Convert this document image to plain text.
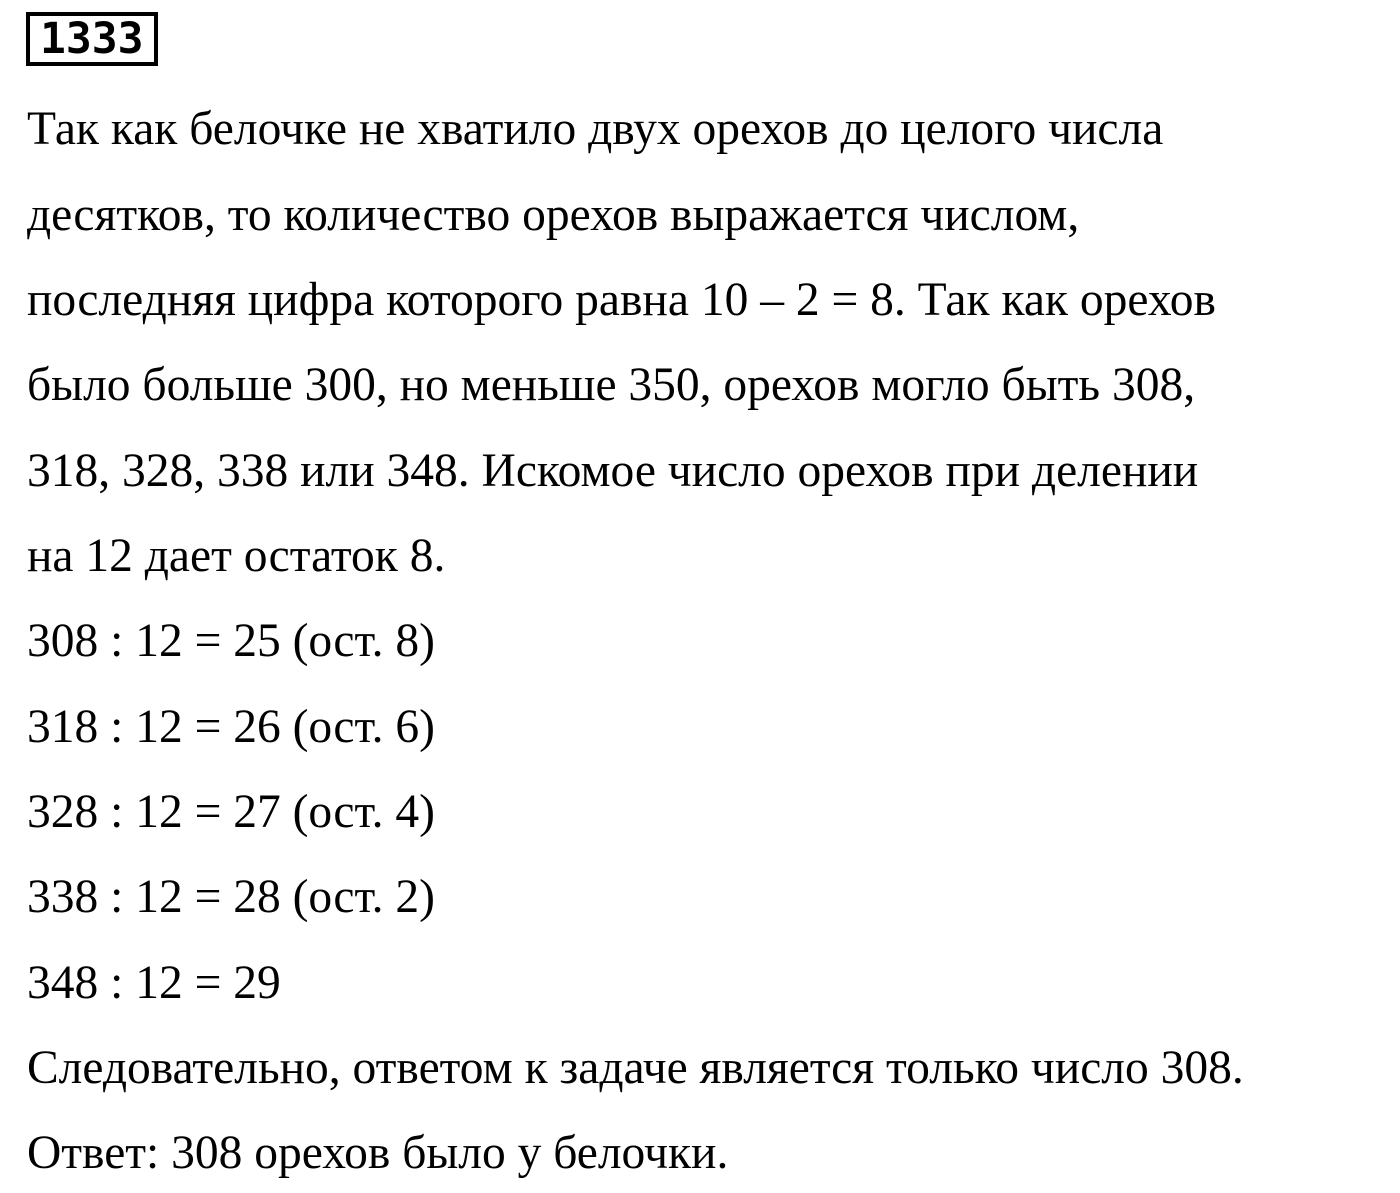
1333

Так как белочке не хватило двух орехов до целого числа

десятков, то количество орехов выражается числом,

последняя цифра которого равна 10 – 2 = 8. Так как орехов

было больше 300, но меньше 350, орехов могло быть 308,

318, 328, 338 или 348. Искомое число орехов при делении

на 12 дает остаток 8.

308 : 12 = 25 (ост. 8)

318 : 12 = 26 (ост. 6)

328 : 12 = 27 (ост. 4)

338 : 12 = 28 (ост. 2)

348 : 12 = 29

Следовательно, ответом к задаче является только число 308.

Ответ: 308 орехов было у белочки.
